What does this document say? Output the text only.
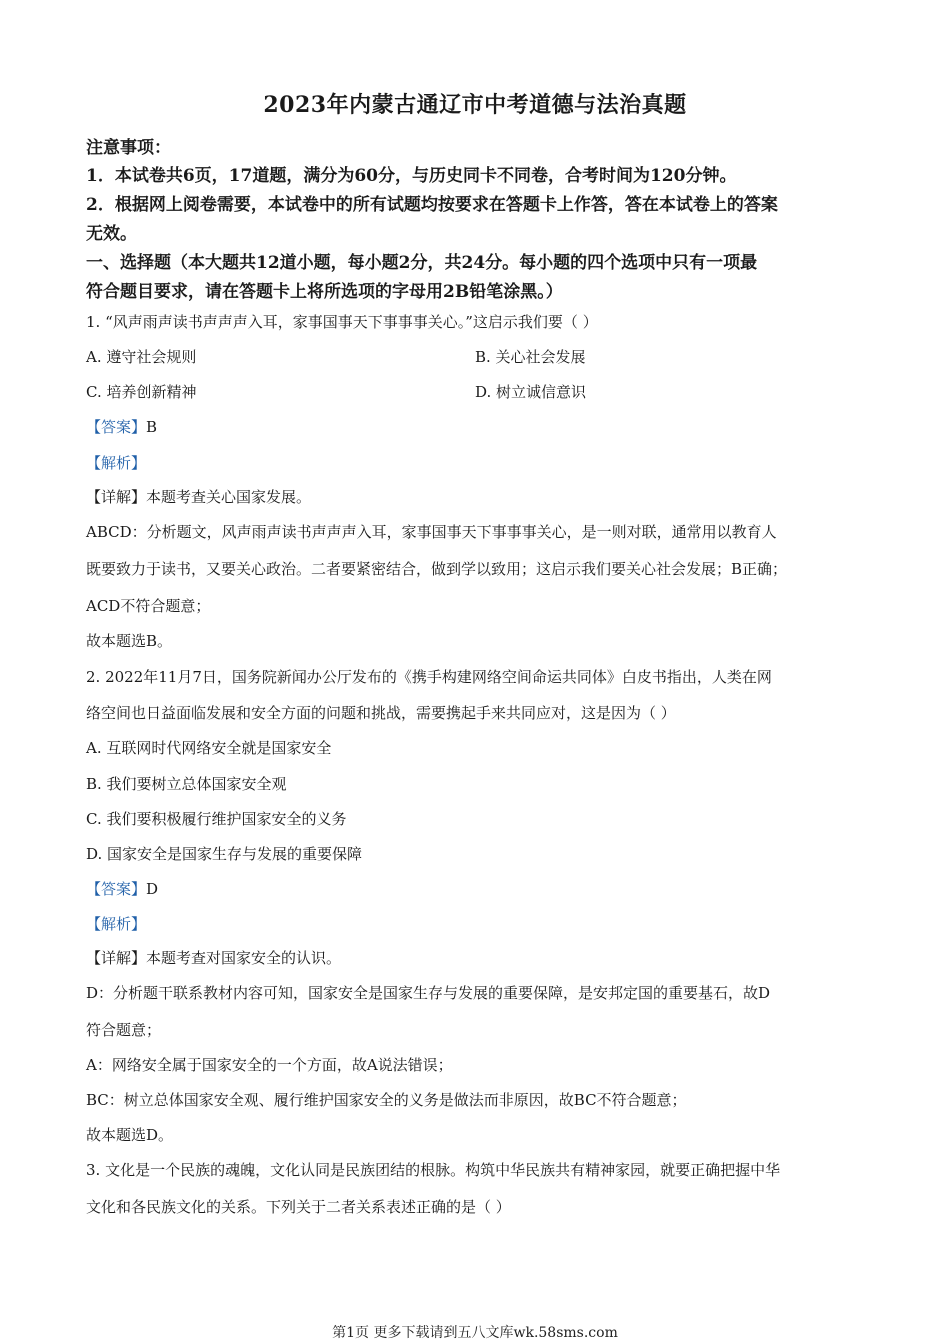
2023年内蒙古通辽市中考道德与法治真题
注意事项：
1．本试卷共6页，17道题，满分为60分，与历史同卡不同卷，合考时间为120分钟。
2．根据网上阅卷需要，本试卷中的所有试题均按要求在答题卡上作答，答在本试卷上的答案
无效。
一、选择题（本大题共12道小题，每小题2分，共24分。每小题的四个选项中只有一项最
符合题目要求，请在答题卡上将所选项的字母用2B铅笔涂黑。）
1. “风声雨声读书声声声入耳，家事国事天下事事事关心。”这启示我们要（ ）
A. 遵守社会规则	B. 关心社会发展
C. 培养创新精神	D. 树立诚信意识
【答案】B
【解析】
【详解】本题考查关心国家发展。
ABCD：分析题文，风声雨声读书声声声入耳，家事国事天下事事事关心，是一则对联，通常用以教育人
既要致力于读书，又要关心政治。二者要紧密结合，做到学以致用；这启示我们要关心社会发展；B正确；
ACD不符合题意；
故本题选B。
2. 2022年11月7日，国务院新闻办公厅发布的《携手构建网络空间命运共同体》白皮书指出，人类在网
络空间也日益面临发展和安全方面的问题和挑战，需要携起手来共同应对，这是因为（ ）
A. 互联网时代网络安全就是国家安全
B. 我们要树立总体国家安全观
C. 我们要积极履行维护国家安全的义务
D. 国家安全是国家生存与发展的重要保障
【答案】D
【解析】
【详解】本题考查对国家安全的认识。
D：分析题干联系教材内容可知，国家安全是国家生存与发展的重要保障，是安邦定国的重要基石，故D
符合题意；
A：网络安全属于国家安全的一个方面，故A说法错误；
BC：树立总体国家安全观、履行维护国家安全的义务是做法而非原因，故BC不符合题意；
故本题选D。
3. 文化是一个民族的魂魄，文化认同是民族团结的根脉。构筑中华民族共有精神家园，就要正确把握中华
文化和各民族文化的关系。下列关于二者关系表述正确的是（ ）
第1页 更多下载请到五八文库wk.58sms.com
